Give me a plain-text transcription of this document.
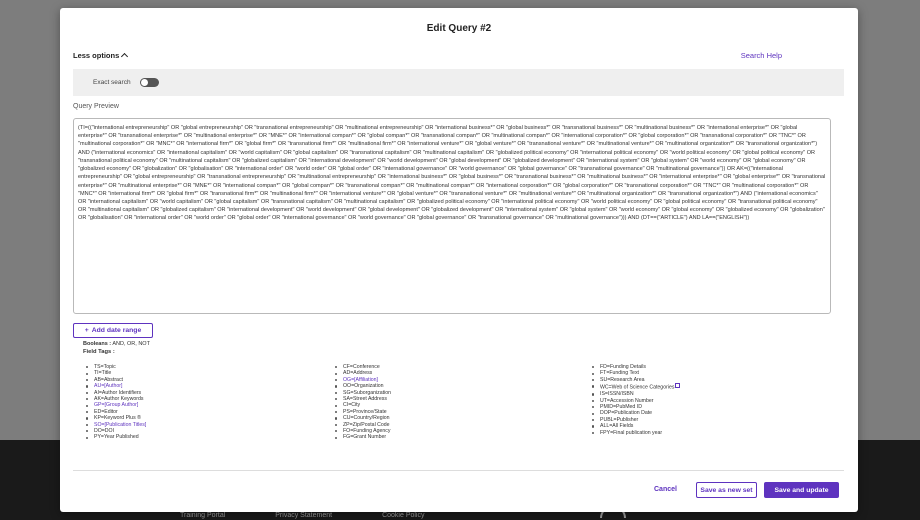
Training Portal	Privacy Statement	Cookie Policy
Edit Query #2
Less options	Search Help
Exact search
Query Preview
(TI=(("international entrepreneurship" OR "global entrepreneurship" OR "transnational entrepreneurship" OR "multinational entrepreneurship" OR "international business*" OR "global business*" OR "transnational business*" OR "multinational business*" OR "international enterprise*" OR "global enterprise*" OR "transnational enterprise*" OR "multinational enterprise*" OR "MNE*" OR "international compan*" OR "global compan*" OR "transnational compan*" OR "multinational compan*" OR "international corporation*" OR "global corporation*" OR "transnational corporation*" OR "TNC*" OR "multinational corporation*" OR "MNC*" OR "international firm*" OR "global firm*" OR "transnational firm*" OR "multinational firm*" OR "international venture*" OR "global venture*" OR "transnational venture*" OR "multinational venture*" OR "multinational organization*" OR "transnational organization*") AND ("international economics" OR "international capitalism" OR "world capitalism" OR "global capitalism" OR "transnational capitalism" OR "multinational capitalism" OR "globalized political economy" OR "international political economy" OR "world political economy" OR "global political economy" OR "transnational political economy" OR "multinational capitalism" OR "globalized capitalism" OR "international development" OR "world development" OR "global development" OR "globalized development" OR "international system" OR "global system" OR "world economy" OR "global economy" OR "globalized economy" OR "globalization" OR "globalisation" OR "international order" OR "world order" OR "global order" OR "international governance" OR "world governance" OR "global governance" OR "transnational governance" OR "multinational governance")) OR AK=(("international entrepreneurship" OR "global entrepreneurship" OR "transnational entrepreneurship" OR "multinational entrepreneurship" OR "international business*" OR "global business*" OR "transnational business*" OR "multinational business*" OR "international enterprise*" OR "global enterprise*" OR "transnational enterprise*" OR "multinational enterprise*" OR "MNE*" OR "international compan*" OR "global compan*" OR "transnational compan*" OR "multinational compan*" OR "international corporation*" OR "global corporation*" OR "transnational corporation*" OR "TNC*" OR "multinational corporation*" OR "MNC*" OR "international firm*" OR "global firm*" OR "transnational firm*" OR "multinational firm*" OR "international venture*" OR "global venture*" OR "transnational venture*" OR "multinational venture*" OR "multinational organization*" OR "transnational organization*") AND ("international economics" OR "international capitalism" OR "world capitalism" OR "global capitalism" OR "transnational capitalism" OR "multinational capitalism" OR "globalized political economy" OR "international political economy" OR "world political economy" OR "global political economy" OR "transnational political economy" OR "multinational capitalism" OR "globalized capitalism" OR "international development" OR "world development" OR "global development" OR "globalized development" OR "international system" OR "global system" OR "world economy" OR "global economy" OR "globalized economy" OR "globalization" OR "globalisation" OR "international order" OR "world order" OR "global order" OR "international governance" OR "world governance" OR "global governance" OR "transnational governance" OR "multinational governance"))) AND (DT==("ARTICLE") AND LA==("ENGLISH"))
+ Add date range
Booleans : AND, OR, NOT
Field Tags :
TS=Topic
TI=Title
AB=Abstract
AU=[Author]
AI=Author Identifiers
AK=Author Keywords
GP=[Group Author]
ED=Editor
KP=Keyword Plus ®
SO=[Publication Titles]
DO=DOI
PY=Year Published
CF=Conference
AD=Address
OG=[Affiliation]
OO=Organization
SG=Suborganization
SA=Street Address
CI=City
PS=Province/State
CU=Country/Region
ZP=Zip/Postal Code
FO=Funding Agency
FG=Grant Number
FD=Funding Details
FT=Funding Text
SU=Research Area
WC=Web of Science Categories
IS=ISSN/ISBN
UT=Accession Number
PMID=PubMed ID
DOP=Publication Date
PUBL=Publisher
ALL=All Fields
FPY=Final publication year
Cancel	Save as new set	Save and update
